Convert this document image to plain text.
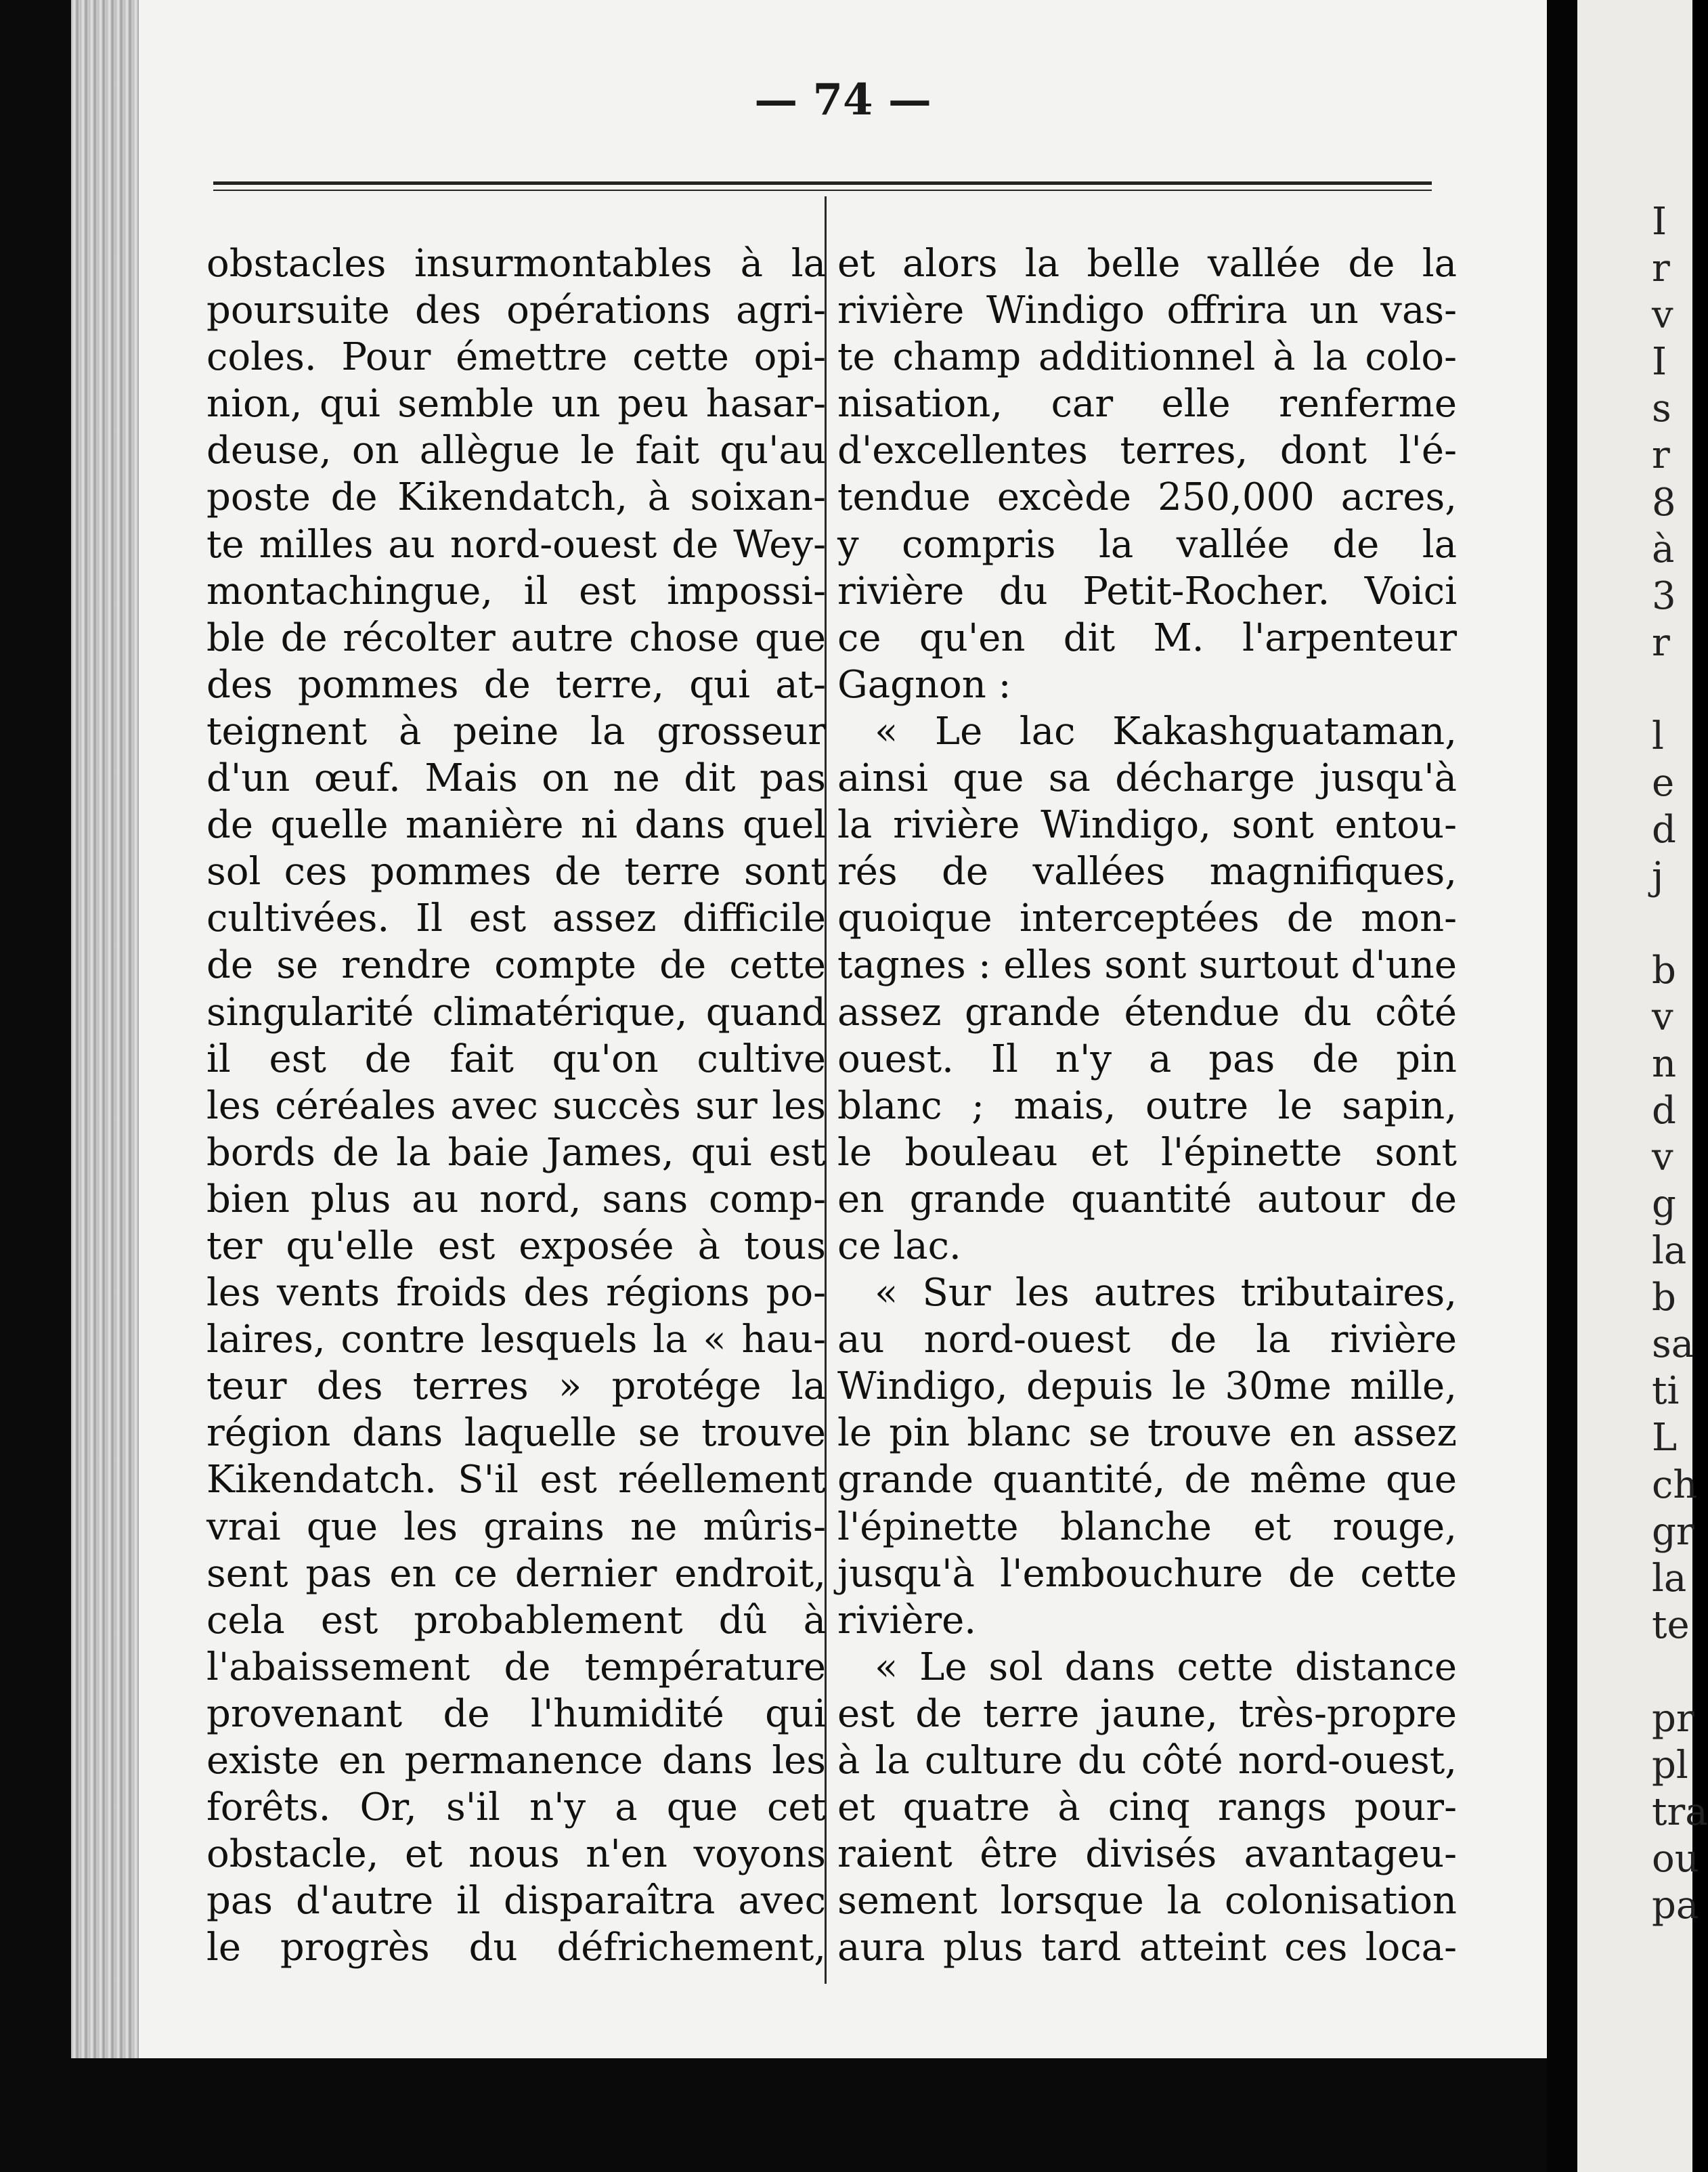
— 74 —
obstacles insurmontables à la
poursuite des opérations agri-
coles. Pour émettre cette opi-
nion, qui semble un peu hasar-
deuse, on allègue le fait qu'au
poste de Kikendatch, à soixan-
te milles au nord-ouest de Wey-
montachingue, il est impossi-
ble de récolter autre chose que
des pommes de terre, qui at-
teignent à peine la grosseur
d'un œuf. Mais on ne dit pas
de quelle manière ni dans quel
sol ces pommes de terre sont
cultivées. Il est assez difficile
de se rendre compte de cette
singularité climatérique, quand
il est de fait qu'on cultive
les céréales avec succès sur les
bords de la baie James, qui est
bien plus au nord, sans comp-
ter qu'elle est exposée à tous
les vents froids des régions po-
laires, contre lesquels la « hau-
teur des terres » protége la
région dans laquelle se trouve
Kikendatch. S'il est réellement
vrai que les grains ne mûris-
sent pas en ce dernier endroit,
cela est probablement dû à
l'abaissement de température
provenant de l'humidité qui
existe en permanence dans les
forêts. Or, s'il n'y a que cet
obstacle, et nous n'en voyons
pas d'autre il disparaîtra avec
le progrès du défrichement,
et alors la belle vallée de la
rivière Windigo offrira un vas-
te champ additionnel à la colo-
nisation, car elle renferme
d'excellentes terres, dont l'é-
tendue excède 250,000 acres,
y compris la vallée de la
rivière du Petit-Rocher. Voici
ce qu'en dit M. l'arpenteur
Gagnon :
« Le lac Kakashguataman,
ainsi que sa décharge jusqu'à
la rivière Windigo, sont entou-
rés de vallées magnifiques,
quoique interceptées de mon-
tagnes : elles sont surtout d'une
assez grande étendue du côté
ouest. Il n'y a pas de pin
blanc ; mais, outre le sapin,
le bouleau et l'épinette sont
en grande quantité autour de
ce lac.
« Sur les autres tributaires,
au nord-ouest de la rivière
Windigo, depuis le 30me mille,
le pin blanc se trouve en assez
grande quantité, de même que
l'épinette blanche et rouge,
jusqu'à l'embouchure de cette
rivière.
« Le sol dans cette distance
est de terre jaune, très-propre
à la culture du côté nord-ouest,
et quatre à cinq rangs pour-
raient être divisés avantageu-
sement lorsque la colonisation
aura plus tard atteint ces loca-
I
r
v
I
s
r
8
à
3
r
l
e
d
j
b
v
n
d
v
g
la
b
sa
ti
L
ch
gr
la
te
pr
pl
tra
ou
pa
